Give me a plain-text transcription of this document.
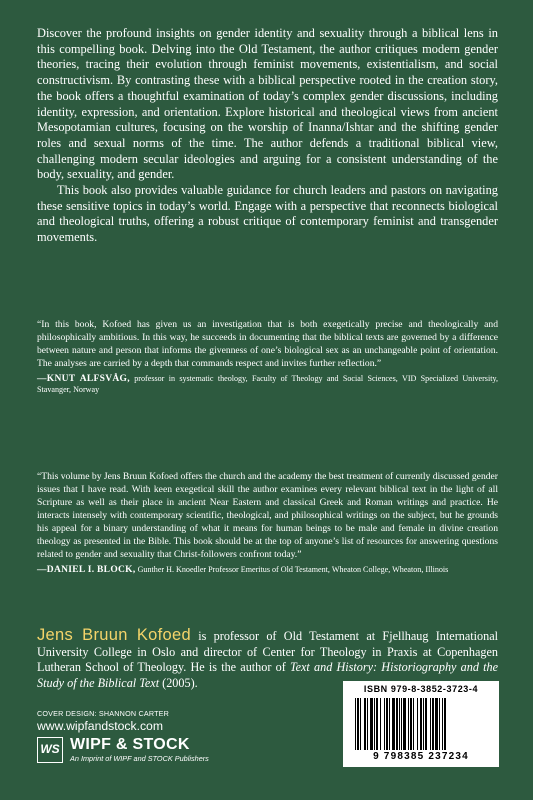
Discover the profound insights on gender identity and sexuality through a biblical lens in this compelling book. Delving into the Old Testament, the author critiques modern gender theories, tracing their evolution through feminist movements, existentialism, and social constructivism. By contrasting these with a biblical perspective rooted in the creation story, the book offers a thoughtful examination of today’s complex gender discussions, including identity, expression, and orientation. Explore historical and theological views from ancient Mesopotamian cultures, focusing on the worship of Inanna/Ishtar and the shifting gender roles and sexual norms of the time. The author defends a traditional biblical view, challenging modern secular ideologies and arguing for a consistent understanding of the body, sexuality, and gender.

This book also provides valuable guidance for church leaders and pastors on navigating these sensitive topics in today’s world. Engage with a perspective that reconnects biological and theological truths, offering a robust critique of contemporary feminist and transgender movements.

“In this book, Kofoed has given us an investigation that is both exegetically precise and theologically and philosophically ambitious. In this way, he succeeds in documenting that the biblical texts are governed by a difference between nature and person that informs the givenness of one’s biological sex as an unchangeable point of orientation. The analyses are carried by a depth that commands respect and invites further reflection.”

—KNUT ALFSVÅG, professor in systematic theology, Faculty of Theology and Social Sciences, VID Specialized University, Stavanger, Norway

“This volume by Jens Bruun Kofoed offers the church and the academy the best treatment of currently discussed gender issues that I have read. With keen exegetical skill the author examines every relevant biblical text in the light of all Scripture as well as their place in ancient Near Eastern and classical Greek and Roman writings and practice. He interacts intensely with contemporary scientific, theological, and philosophical writings on the subject, but he grounds his appeal for a binary understanding of what it means for human beings to be male and female in divine creation theology as presented in the Bible. This book should be at the top of anyone’s list of resources for answering questions related to gender and sexuality that Christ-followers confront today.”

—DANIEL I. BLOCK, Gunther H. Knoedler Professor Emeritus of Old Testament, Wheaton College, Wheaton, Illinois
Jens Bruun Kofoed is professor of Old Testament at Fjellhaug International University College in Oslo and director of Center for Theology in Praxis at Copenhagen Lutheran School of Theology. He is the author of Text and History: Historiography and the Study of the Biblical Text (2005).
COVER DESIGN: SHANNON CARTER
www.wipfandstock.com
WS WIPF & STOCK
An Imprint of WIPF and STOCK Publishers
ISBN 979-8-3852-3723-4
9 798385 237234
